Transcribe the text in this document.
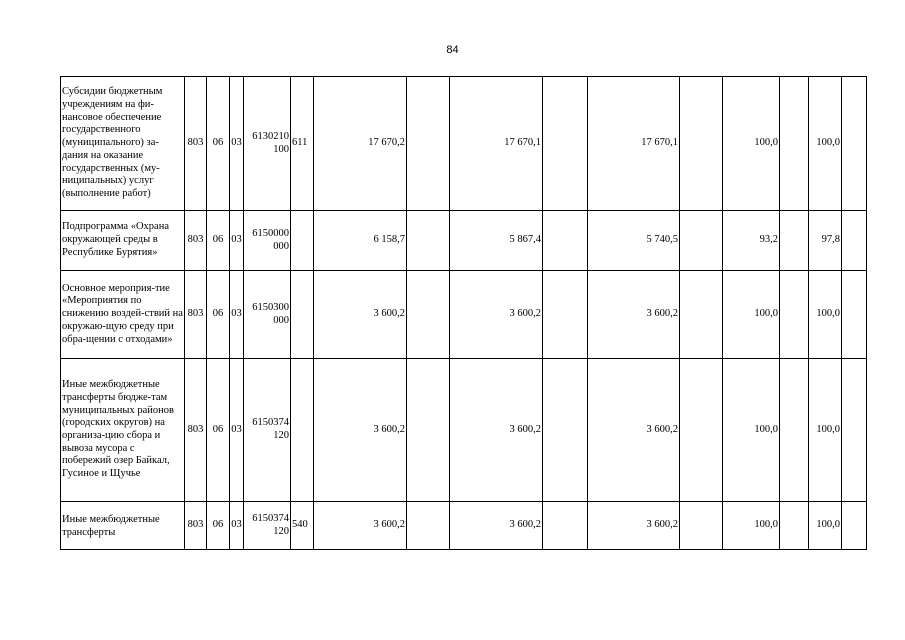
84
Субсидии бюджетным учреждениям на фи-нансовое обеспечение государственного (муниципального) за-дания на оказание государственных (му-ниципальных) услуг (выполнение работ)	803	06	03	6130210 100	611	17 670,2		17 670,1		17 670,1		100,0		100,0	
Подпрограмма «Охрана окружающей среды в Республике Бурятия»	803	06	03	6150000 000		6 158,7		5 867,4		5 740,5		93,2		97,8	
Основное мероприя-тие «Мероприятия по снижению воздей-ствий на окружаю-щую среду при обра-щении с отходами»	803	06	03	6150300 000		3 600,2		3 600,2		3 600,2		100,0		100,0	
Иные межбюджетные трансферты бюдже-там муниципальных районов (городских округов) на организа-цию сбора и вывоза мусора с побережий озер Байкал, Гусиное и Щучье	803	06	03	6150374 120		3 600,2		3 600,2		3 600,2		100,0		100,0	
Иные межбюджетные трансферты	803	06	03	6150374 120	540	3 600,2		3 600,2		3 600,2		100,0		100,0	
